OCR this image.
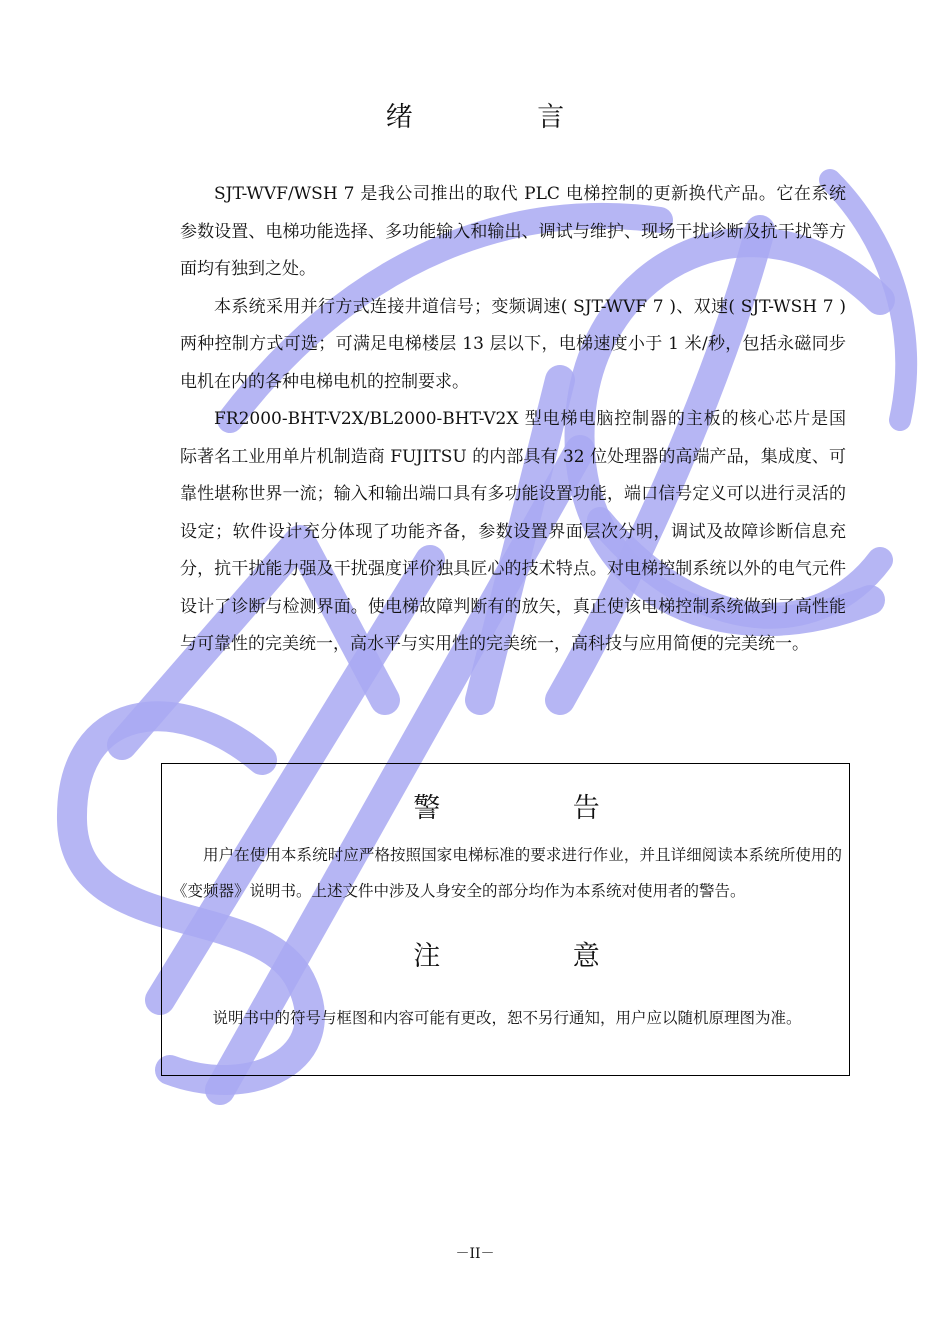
绪 言

SJT-WVF/WSH 7 是我公司推出的取代 PLC 电梯控制的更新换代产品。它在系统参数设置、电梯功能选择、多功能输入和输出、调试与维护、现场干扰诊断及抗干扰等方面均有独到之处。

本系统采用并行方式连接井道信号；变频调速( SJT-WVF 7 )、双速( SJT-WSH 7 )两种控制方式可选；可满足电梯楼层 13 层以下，电梯速度小于 1 米/秒，包括永磁同步电机在内的各种电梯电机的控制要求。

FR2000-BHT-V2X/BL2000-BHT-V2X 型电梯电脑控制器的主板的核心芯片是国际著名工业用单片机制造商 FUJITSU 的内部具有 32 位处理器的高端产品，集成度、可靠性堪称世界一流；输入和输出端口具有多功能设置功能，端口信号定义可以进行灵活的设定；软件设计充分体现了功能齐备，参数设置界面层次分明，调试及故障诊断信息充分，抗干扰能力强及干扰强度评价独具匠心的技术特点。对电梯控制系统以外的电气元件设计了诊断与检测界面。使电梯故障判断有的放矢，真正使该电梯控制系统做到了高性能与可靠性的完美统一，高水平与实用性的完美统一，高科技与应用简便的完美统一。

警 告

用户在使用本系统时应严格按照国家电梯标准的要求进行作业，并且详细阅读本系统所使用的《变频器》说明书。上述文件中涉及人身安全的部分均作为本系统对使用者的警告。

注 意
说明书中的符号与框图和内容可能有更改，恕不另行通知，用户应以随机原理图为准。
－II－
